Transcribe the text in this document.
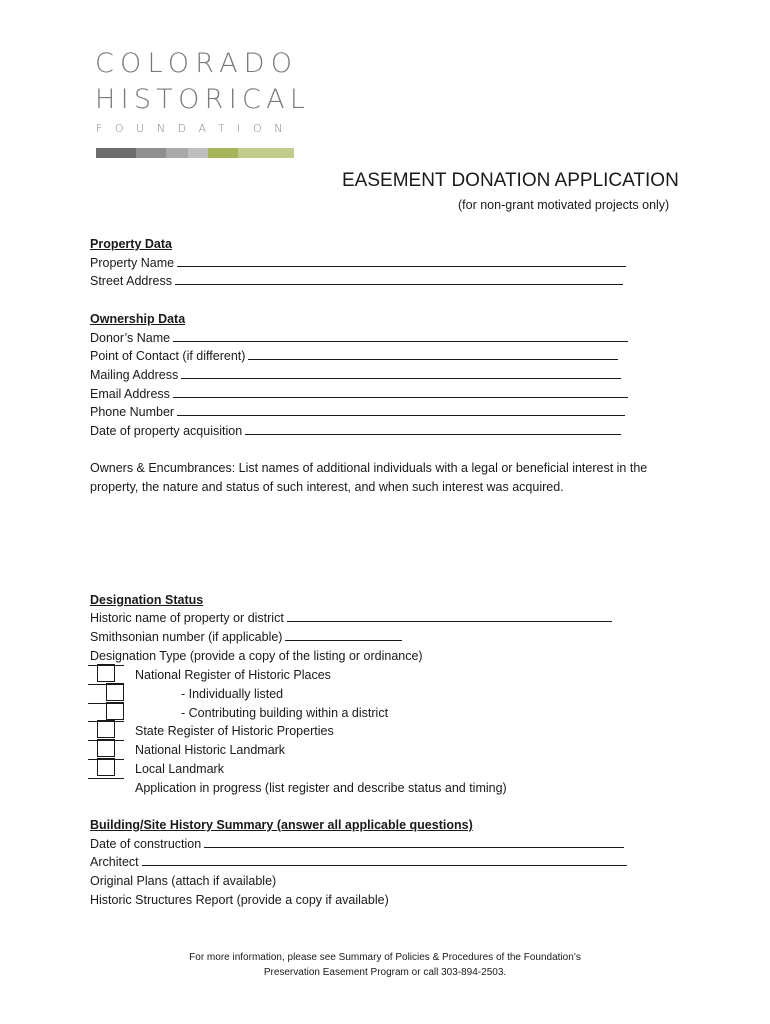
COLORADO
HISTORICAL
FOUNDATION
EASEMENT DONATION APPLICATION
(for non-grant motivated projects only)
Property Data
Property Name
Street Address
Ownership Data
Donor’s Name
Point of Contact (if different)
Mailing Address
Email Address
Phone Number
Date of property acquisition
Owners & Encumbrances: List names of additional individuals with a legal or beneficial interest in the property, the nature and status of such interest, and when such interest was acquired.
Designation Status
Historic name of property or district
Smithsonian number (if applicable)
Designation Type (provide a copy of the listing or ordinance)
National Register of Historic Places
- Individually listed
- Contributing building within a district
State Register of Historic Properties
National Historic Landmark
Local Landmark
Application in progress (list register and describe status and timing)
Building/Site History Summary (answer all applicable questions)
Date of construction
Architect
Original Plans (attach if available)
Historic Structures Report (provide a copy if available)
For more information, please see Summary of Policies & Procedures of the Foundation’s
Preservation Easement Program or call 303-894-2503.
